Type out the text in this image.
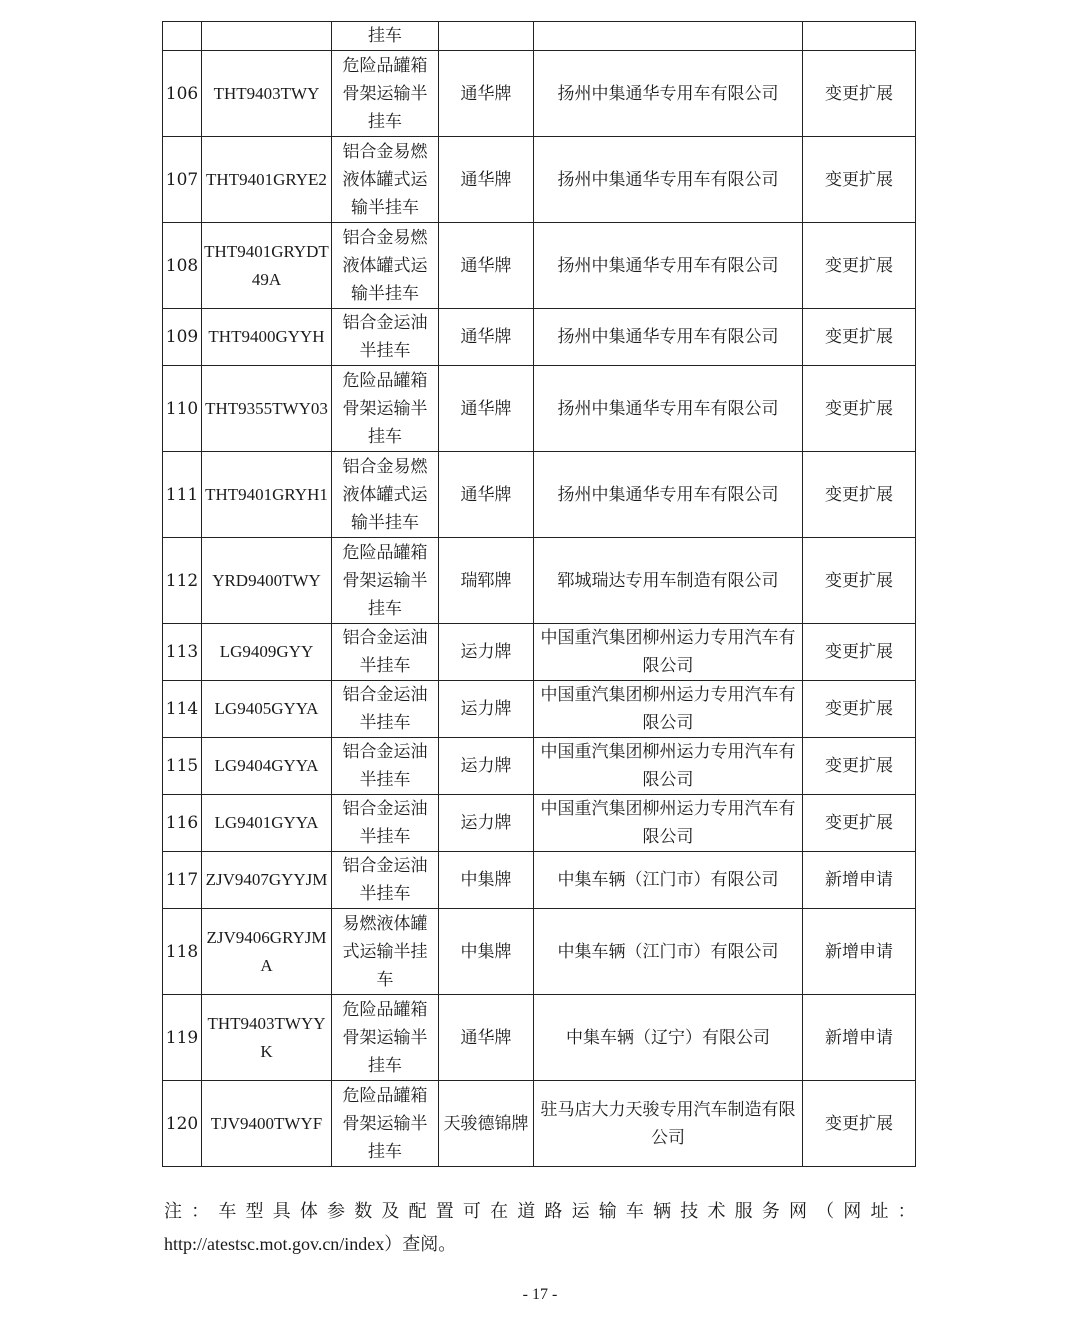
		挂车			
106	THT9403TWY	危险品罐箱骨架运输半挂车	通华牌	扬州中集通华专用车有限公司	变更扩展
107	THT9401GRYE2	铝合金易燃液体罐式运输半挂车	通华牌	扬州中集通华专用车有限公司	变更扩展
108	THT9401GRYDT49A	铝合金易燃液体罐式运输半挂车	通华牌	扬州中集通华专用车有限公司	变更扩展
109	THT9400GYYH	铝合金运油半挂车	通华牌	扬州中集通华专用车有限公司	变更扩展
110	THT9355TWY03	危险品罐箱骨架运输半挂车	通华牌	扬州中集通华专用车有限公司	变更扩展
111	THT9401GRYH1	铝合金易燃液体罐式运输半挂车	通华牌	扬州中集通华专用车有限公司	变更扩展
112	YRD9400TWY	危险品罐箱骨架运输半挂车	瑞郓牌	郓城瑞达专用车制造有限公司	变更扩展
113	LG9409GYY	铝合金运油半挂车	运力牌	中国重汽集团柳州运力专用汽车有限公司	变更扩展
114	LG9405GYYA	铝合金运油半挂车	运力牌	中国重汽集团柳州运力专用汽车有限公司	变更扩展
115	LG9404GYYA	铝合金运油半挂车	运力牌	中国重汽集团柳州运力专用汽车有限公司	变更扩展
116	LG9401GYYA	铝合金运油半挂车	运力牌	中国重汽集团柳州运力专用汽车有限公司	变更扩展
117	ZJV9407GYYJM	铝合金运油半挂车	中集牌	中集车辆（江门市）有限公司	新增申请
118	ZJV9406GRYJMA	易燃液体罐式运输半挂车	中集牌	中集车辆（江门市）有限公司	新增申请
119	THT9403TWYYK	危险品罐箱骨架运输半挂车	通华牌	中集车辆（辽宁）有限公司	新增申请
120	TJV9400TWYF	危险品罐箱骨架运输半挂车	天骏德锦牌	驻马店大力天骏专用汽车制造有限公司	变更扩展
注 ： 车 型 具 体 参 数 及 配 置 可 在 道 路 运 输 车 辆 技 术 服 务 网 （ 网 址 ：
http://atestsc.mot.gov.cn/index）查阅。
- 17 -
